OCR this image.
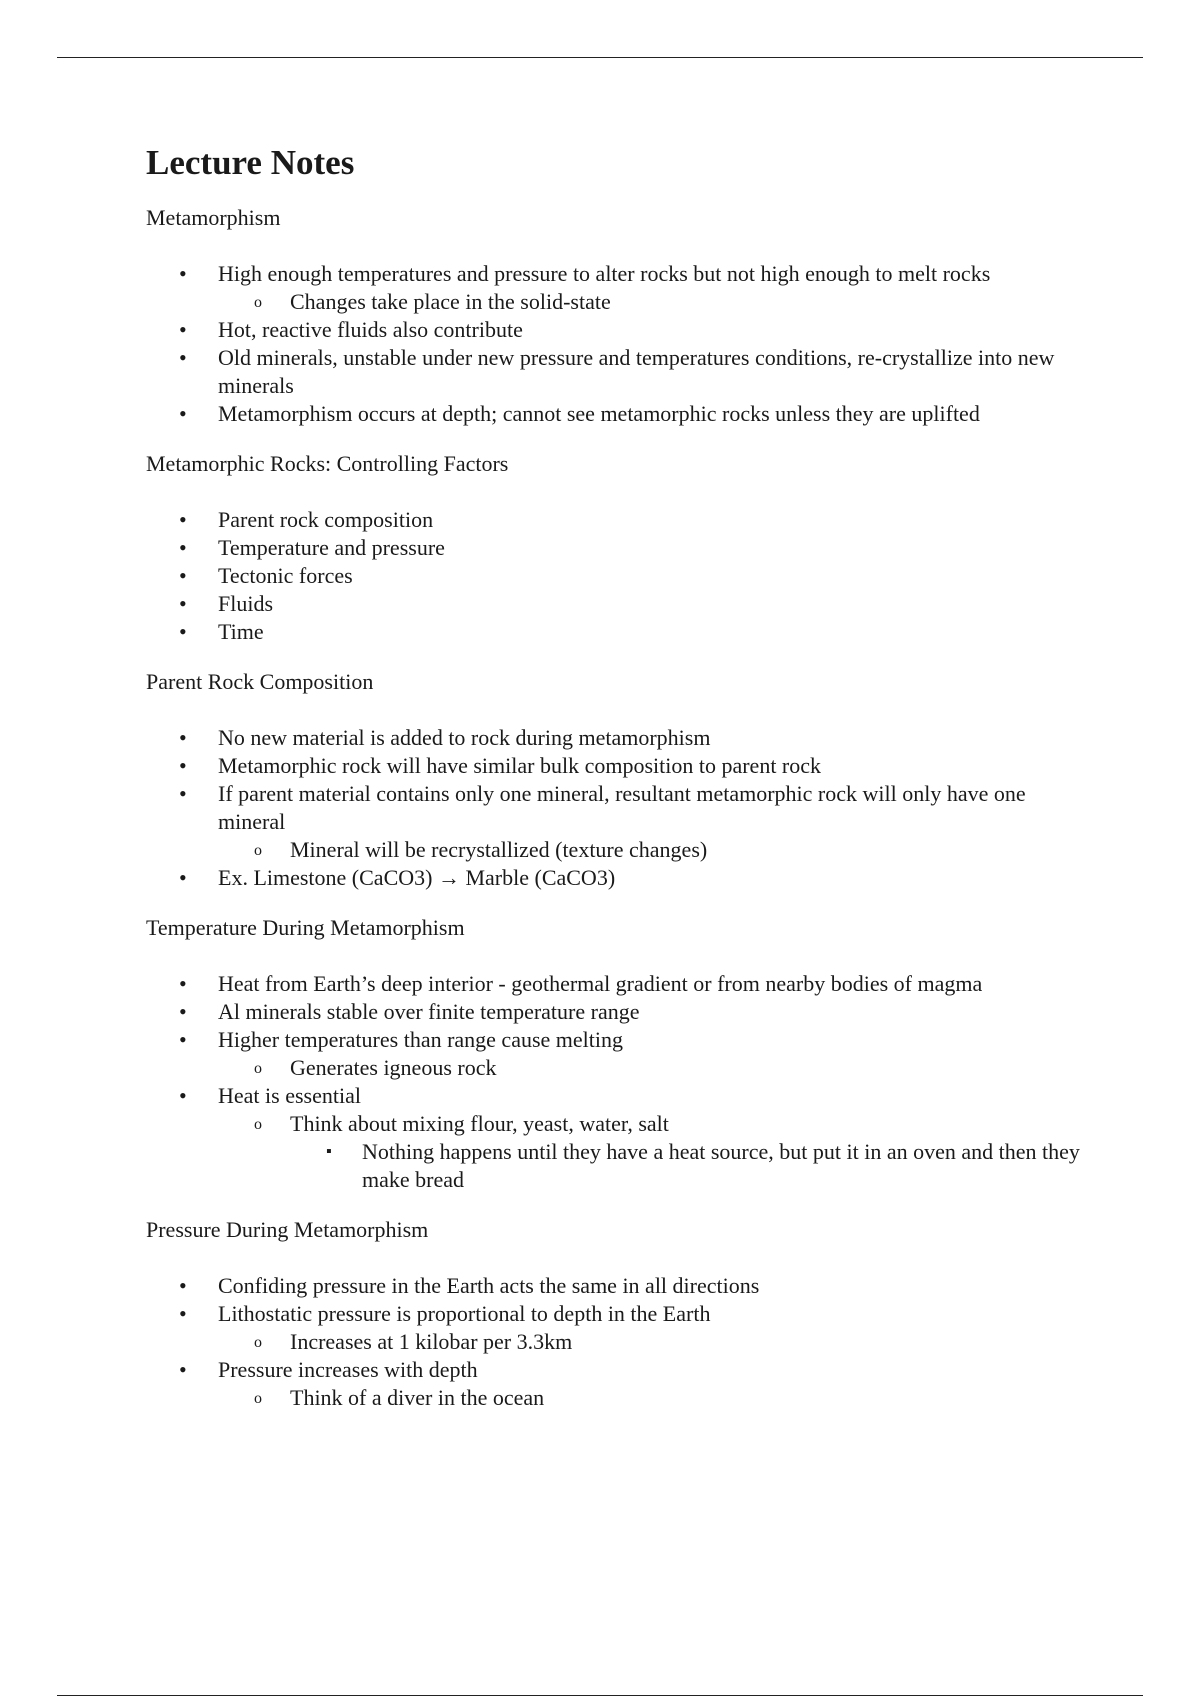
Lecture Notes

Metamorphism

• High enough temperatures and pressure to alter rocks but not high enough to melt rocks
o Changes take place in the solid-state
• Hot, reactive fluids also contribute
• Old minerals, unstable under new pressure and temperatures conditions, re-crystallize into new minerals
• Metamorphism occurs at depth; cannot see metamorphic rocks unless they are uplifted

Metamorphic Rocks: Controlling Factors

• Parent rock composition
• Temperature and pressure
• Tectonic forces
• Fluids
• Time

Parent Rock Composition

• No new material is added to rock during metamorphism
• Metamorphic rock will have similar bulk composition to parent rock
• If parent material contains only one mineral, resultant metamorphic rock will only have one mineral
o Mineral will be recrystallized (texture changes)
• Ex. Limestone (CaCO3) → Marble (CaCO3)

Temperature During Metamorphism

• Heat from Earth’s deep interior - geothermal gradient or from nearby bodies of magma
• Al minerals stable over finite temperature range
• Higher temperatures than range cause melting
o Generates igneous rock
• Heat is essential
o Think about mixing flour, yeast, water, salt
▪ Nothing happens until they have a heat source, but put it in an oven and then they make bread

Pressure During Metamorphism

• Confiding pressure in the Earth acts the same in all directions
• Lithostatic pressure is proportional to depth in the Earth
o Increases at 1 kilobar per 3.3km
• Pressure increases with depth
o Think of a diver in the ocean
